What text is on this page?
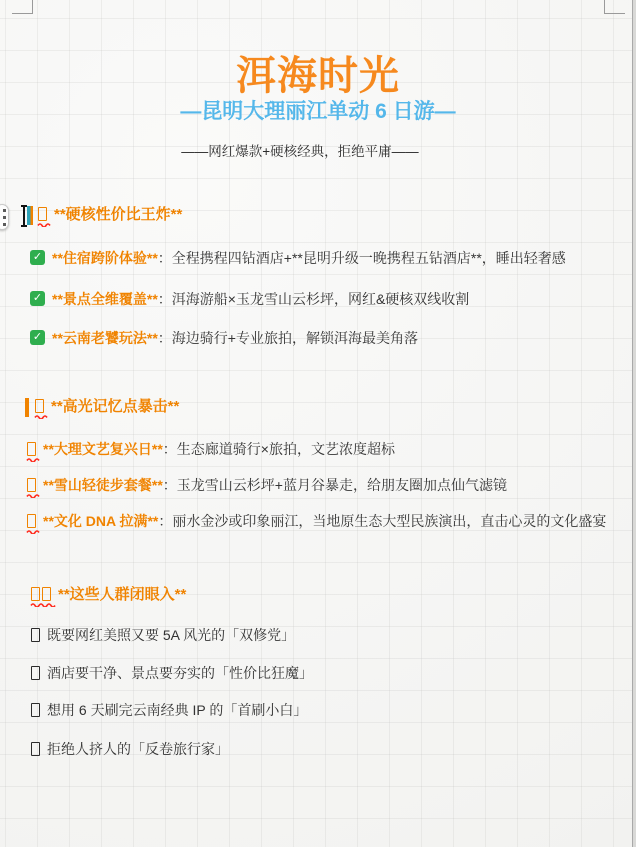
洱海时光
—昆明大理丽江单动 6 日游—
——网红爆款+硬核经典，拒绝平庸——
**硬核性价比王炸**
✓ **住宿跨阶体验** ：全程携程四钻酒店+**昆明升级一晚携程五钻酒店**，睡出轻奢感
✓ **景点全维覆盖** ：洱海游船×玉龙雪山云杉坪，网红&硬核双线收割
✓ **云南老饕玩法** ：海边骑行+专业旅拍，解锁洱海最美角落
**高光记忆点暴击**
**大理文艺复兴日** ：生态廊道骑行×旅拍，文艺浓度超标
**雪山轻徒步套餐** ：玉龙雪山云杉坪+蓝月谷暴走，给朋友圈加点仙气滤镜
**文化 DNA 拉满** ：丽水金沙或印象丽江，当地原生态大型民族演出，直击心灵的文化盛宴
**这些人群闭眼入**
既要网红美照又要 5A 风光的「双修党」
酒店要干净、景点要夯实的「性价比狂魔」
想用 6 天刷完云南经典 IP 的「首刷小白」
拒绝人挤人的「反卷旅行家」
